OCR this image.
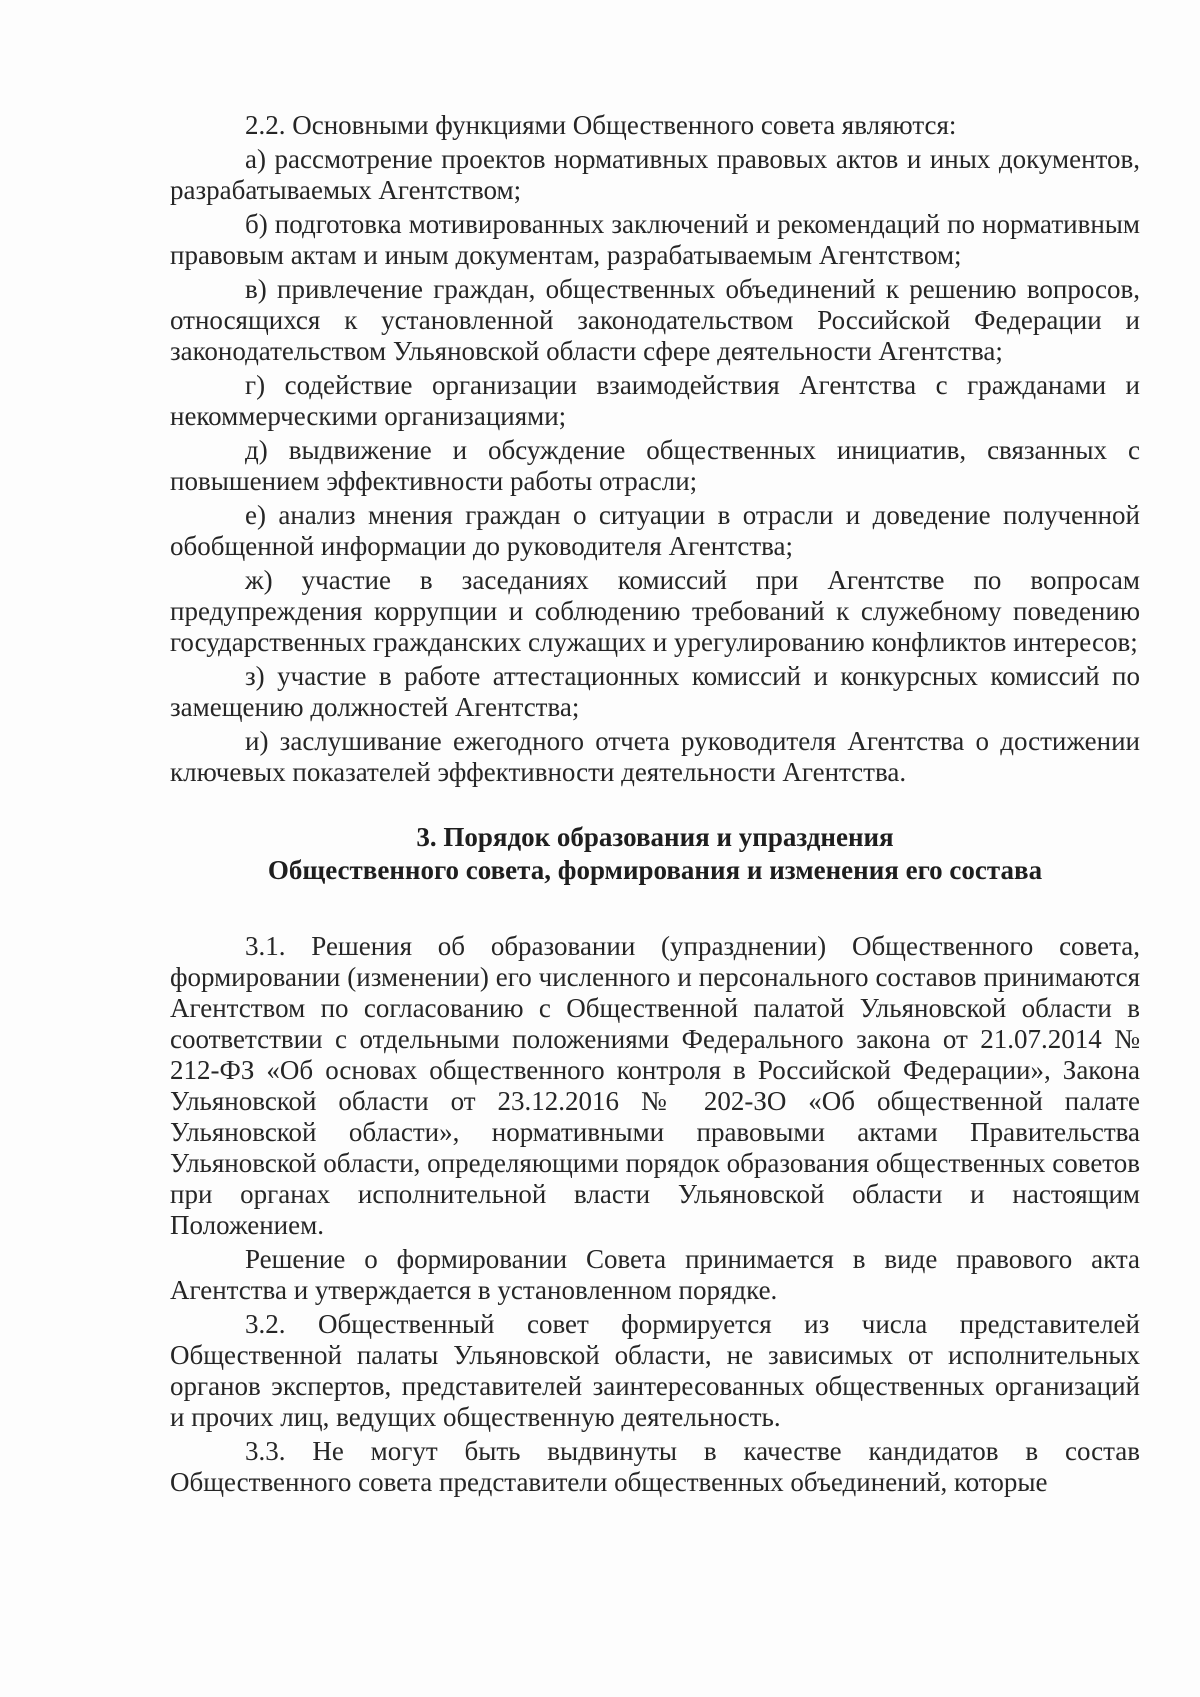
2.2. Основными функциями Общественного совета являются:

а) рассмотрение проектов нормативных правовых актов и иных документов, разрабатываемых Агентством;

б) подготовка мотивированных заключений и рекомендаций по нормативным правовым актам и иным документам, разрабатываемым Агентством;

в) привлечение граждан, общественных объединений к решению вопросов, относящихся к установленной законодательством Российской Федерации и законодательством Ульяновской области сфере деятельности Агентства;

г) содействие организации взаимодействия Агентства с гражданами и некоммерческими организациями;

д) выдвижение и обсуждение общественных инициатив, связанных с повышением эффективности работы отрасли;

е) анализ мнения граждан о ситуации в отрасли и доведение полученной обобщенной информации до руководителя Агентства;

ж) участие в заседаниях комиссий при Агентстве по вопросам предупреждения коррупции и соблюдению требований к служебному поведению государственных гражданских служащих и урегулированию конфликтов интересов;

з) участие в работе аттестационных комиссий и конкурсных комиссий по замещению должностей Агентства;

и) заслушивание ежегодного отчета руководителя Агентства о достижении ключевых показателей эффективности деятельности Агентства.

3. Порядок образования и упразднения
Общественного совета, формирования и изменения его состава

3.1. Решения об образовании (упразднении) Общественного совета, формировании (изменении) его численного и персонального составов принимаются Агентством по согласованию с Общественной палатой Ульяновской области в соответствии с отдельными положениями Федерального закона от 21.07.2014 № 212-ФЗ «Об основах общественного контроля в Российской Федерации», Закона Ульяновской области от 23.12.2016 № 202-ЗО «Об общественной палате Ульяновской области», нормативными правовыми актами Правительства Ульяновской области, определяющими порядок образования общественных советов при органах исполнительной власти Ульяновской области и настоящим Положением.

Решение о формировании Совета принимается в виде правового акта Агентства и утверждается в установленном порядке.

3.2. Общественный совет формируется из числа представителей Общественной палаты Ульяновской области, не зависимых от исполнительных органов экспертов, представителей заинтересованных общественных организаций и прочих лиц, ведущих общественную деятельность.

3.3. Не могут быть выдвинуты в качестве кандидатов в состав Общественного совета представители общественных объединений, которые
